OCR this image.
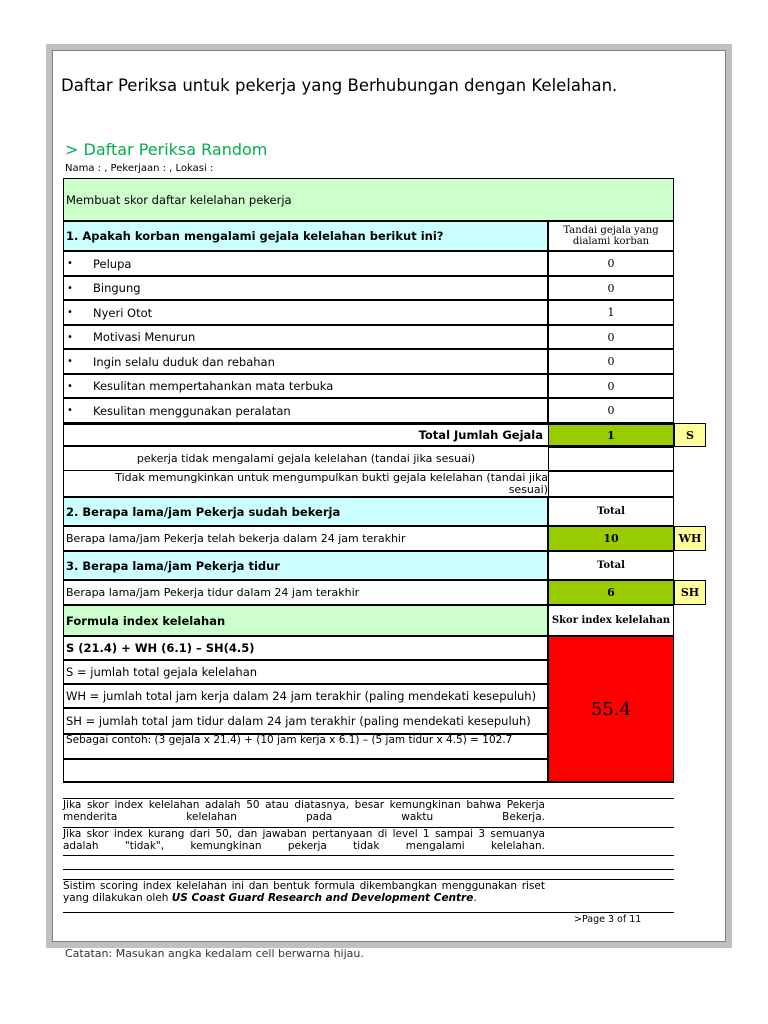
Daftar Periksa untuk pekerja yang Berhubungan dengan Kelelahan.
> Daftar Periksa Random
Nama : , Pekerjaan : , Lokasi :
Membuat skor daftar kelelahan pekerja
1. Apakah korban mengalami gejala kelelahan berikut ini?	Tandai gejala yang dialami korban
• Pelupa	0
• Bingung	0
• Nyeri Otot	1
• Motivasi Menurun	0
• Ingin selalu duduk dan rebahan	0
• Kesulitan mempertahankan mata terbuka	0
• Kesulitan menggunakan peralatan	0
Total Jumlah Gejala	1	S
pekerja tidak mengalami gejala kelelahan (tandai jika sesuai)
Tidak memungkinkan untuk mengumpulkan bukti gejala kelelahan (tandai jika sesuai)
2. Berapa lama/jam Pekerja sudah bekerja	Total
Berapa lama/jam Pekerja telah bekerja dalam 24 jam terakhir	10	WH
3. Berapa lama/jam Pekerja tidur	Total
Berapa lama/jam Pekerja tidur dalam 24 jam terakhir	6	SH
Formula index kelelahan	Skor index kelelahan
S (21.4) + WH (6.1) – SH(4.5)
S = jumlah total gejala kelelahan
WH = jumlah total jam kerja dalam 24 jam terakhir (paling mendekati kesepuluh)
SH = jumlah total jam tidur dalam 24 jam terakhir (paling mendekati kesepuluh)
Sebagai contoh: (3 gejala x 21.4) + (10 jam kerja x 6.1) – (5 jam tidur x 4.5) = 102.7
55.4
Jika skor index kelelahan adalah 50 atau diatasnya, besar kemungkinan bahwa Pekerja menderita kelelahan pada waktu Bekerja.
Jika skor index kurang dari 50, dan jawaban pertanyaan di level 1 sampai 3 semuanya adalah "tidak", kemungkinan pekerja tidak mengalami kelelahan.
Sistim scoring index kelelahan ini dan bentuk formula dikembangkan menggunakan riset yang dilakukan oleh US Coast Guard Research and Development Centre.
>Page 3 of 11
Catatan: Masukan angka kedalam cell berwarna hijau.
